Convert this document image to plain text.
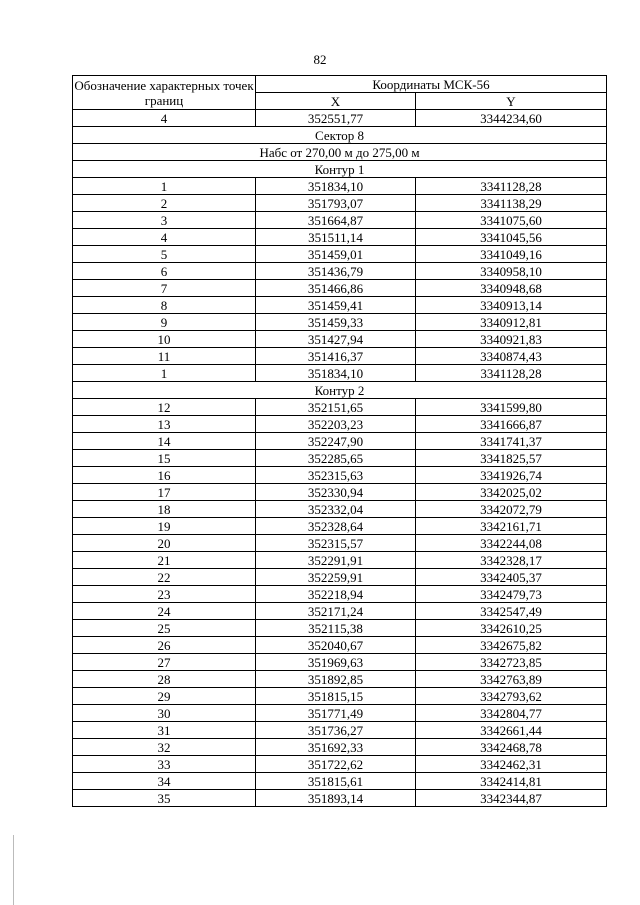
82
Обозначение характерных точек границ	Координаты МСК-56	
	X	Y
4	352551,77	3344234,60
Сектор 8		
Набс от 270,00 м до 275,00 м		
Контур 1		
1	351834,10	3341128,28
2	351793,07	3341138,29
3	351664,87	3341075,60
4	351511,14	3341045,56
5	351459,01	3341049,16
6	351436,79	3340958,10
7	351466,86	3340948,68
8	351459,41	3340913,14
9	351459,33	3340912,81
10	351427,94	3340921,83
11	351416,37	3340874,43
1	351834,10	3341128,28
Контур 2		
12	352151,65	3341599,80
13	352203,23	3341666,87
14	352247,90	3341741,37
15	352285,65	3341825,57
16	352315,63	3341926,74
17	352330,94	3342025,02
18	352332,04	3342072,79
19	352328,64	3342161,71
20	352315,57	3342244,08
21	352291,91	3342328,17
22	352259,91	3342405,37
23	352218,94	3342479,73
24	352171,24	3342547,49
25	352115,38	3342610,25
26	352040,67	3342675,82
27	351969,63	3342723,85
28	351892,85	3342763,89
29	351815,15	3342793,62
30	351771,49	3342804,77
31	351736,27	3342661,44
32	351692,33	3342468,78
33	351722,62	3342462,31
34	351815,61	3342414,81
35	351893,14	3342344,87
